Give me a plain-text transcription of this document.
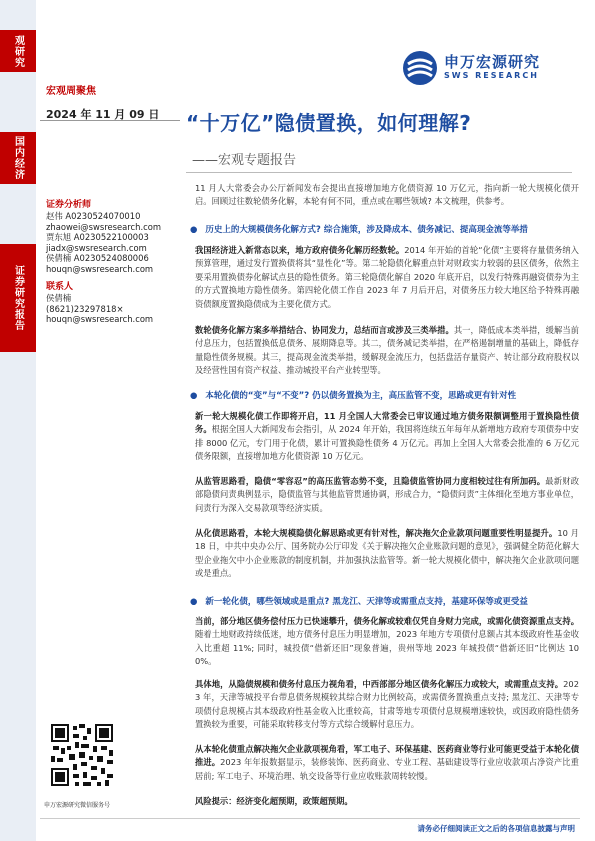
观研究
国内经济
证券研究报告
申万宏源研究
SWS RESEARCH
宏观周聚焦
2024 年 11 月 09 日	“十万亿”隐债置换，如何理解?
——宏观专题报告
证券分析师
赵伟 A0230524070010
zhaowei@swsresearch.com
贾东旭 A0230522100003
jiadx@swsresearch.com
侯倩楠 A0230524080006
houqn@swsresearch.com
联系人
侯倩楠
(8621)23297818×
houqn@swsresearch.com
申万宏源研究微信服务号
11 月人大常委会办公厅新闻发布会提出直接增加地方化债资源 10 万亿元，指向新一轮大规模化债开启。回顾过往数轮债务化解，本轮有何不同，重点或在哪些领域? 本文梳理，供参考。
● 历史上的大规模债务化解方式? 综合施策，涉及降成本、债务减记、提高现金流等举措
我国经济进入新常态以来，地方政府债务化解历经数轮。2014 年开始的首轮“化债”主要将存量债务纳入预算管理，通过发行置换债将其“显性化”等。第二轮隐债化解重点针对财政实力较弱的县区债务，依然主要采用置换债券化解试点县的隐性债务。第三轮隐债化解自 2020 年底开启，以发行特殊再融资债券为主的方式置换地方隐性债务。第四轮化债工作自 2023 年 7 月后开启，对债务压力较大地区给予特殊再融资债额度置换隐债成为主要化债方式。
数轮债务化解方案多举措结合、协同发力，总结而言或涉及三类举措。其一，降低成本类举措，缓解当前付息压力，包括置换低息债务、展期降息等。其二，债务减记类举措，在严格遏制增量的基础上，降低存量隐性债务规模。其三，提高现金流类举措，缓解现金流压力，包括盘活存量资产、转让部分政府股权以及经营性国有资产权益、推动城投平台产业转型等。
● 本轮化债的“变”与“不变”? 仍以债务置换为主，高压监管不变，思路或更有针对性
新一轮大规模化债工作即将开启，11 月全国人大常委会已审议通过地方债务限额调整用于置换隐性债务。根据全国人大新闻发布会指引，从 2024 年开始，我国将连续五年每年从新增地方政府专项债券中安排 8000 亿元，专门用于化债，累计可置换隐性债务 4 万亿元。再加上全国人大常委会批准的 6 万亿元债务限额，直接增加地方化债资源 10 万亿元。
从监管思路看，隐债“零容忍”的高压监管态势不变，且隐债监管协同力度相较过往有所加码。最新财政部隐债问责典例显示，隐债监管与其他监管贯通协调，形成合力，“隐债问责”主体细化至地方事业单位，问责行为深入交易款项等经济实质。
从化债思路看，本轮大规模隐债化解思路或更有针对性，解决拖欠企业款项问题重要性明显提升。10 月 18 日，中共中央办公厅、国务院办公厅印发《关于解决拖欠企业账款问题的意见》，强调健全防范化解大型企业拖欠中小企业账款的制度机制，并加强执法监管等。新一轮大规模化债中，解决拖欠企业款项问题或是重点。
● 新一轮化债，哪些领域或是重点? 黑龙江、天津等或需重点支持，基建环保等或更受益
当前，部分地区债务偿付压力已快速攀升，债务化解或较难仅凭自身财力完成，或需化债资源重点支持。随着土地财政持续低迷，地方债务付息压力明显增加，2023 年地方专项债付息额占其本级政府性基金收入比重超 11%; 同时，城投债“借新还旧”现象普遍，贵州等地 2023 年城投债“借新还旧”比例达 100%。
具体地，从隐债规模和债务付息压力视角看，中西部部分地区债务化解压力或较大，或需重点支持。2023 年，天津等城投平台带息债务规模较其综合财力比例较高，或需债务置换重点支持; 黑龙江、天津等专项债付息规模占其本级政府性基金收入比重较高，甘肃等地专项债付息规模增速较快，或因政府隐性债务置换较为重要，可能采取转移支付等方式综合缓解付息压力。
从本轮化债重点解决拖欠企业款项视角看，军工电子、环保基建、医药商业等行业可能更受益于本轮化债推进。2023 年年报数据显示，装修装饰、医药商业、专业工程、基础建设等行业应收款项占净资产比重居前; 军工电子、环境治理、轨交设备等行业应收账款周转较慢。
风险提示：经济变化超预期，政策超预期。
请务必仔细阅读正文之后的各项信息披露与声明
